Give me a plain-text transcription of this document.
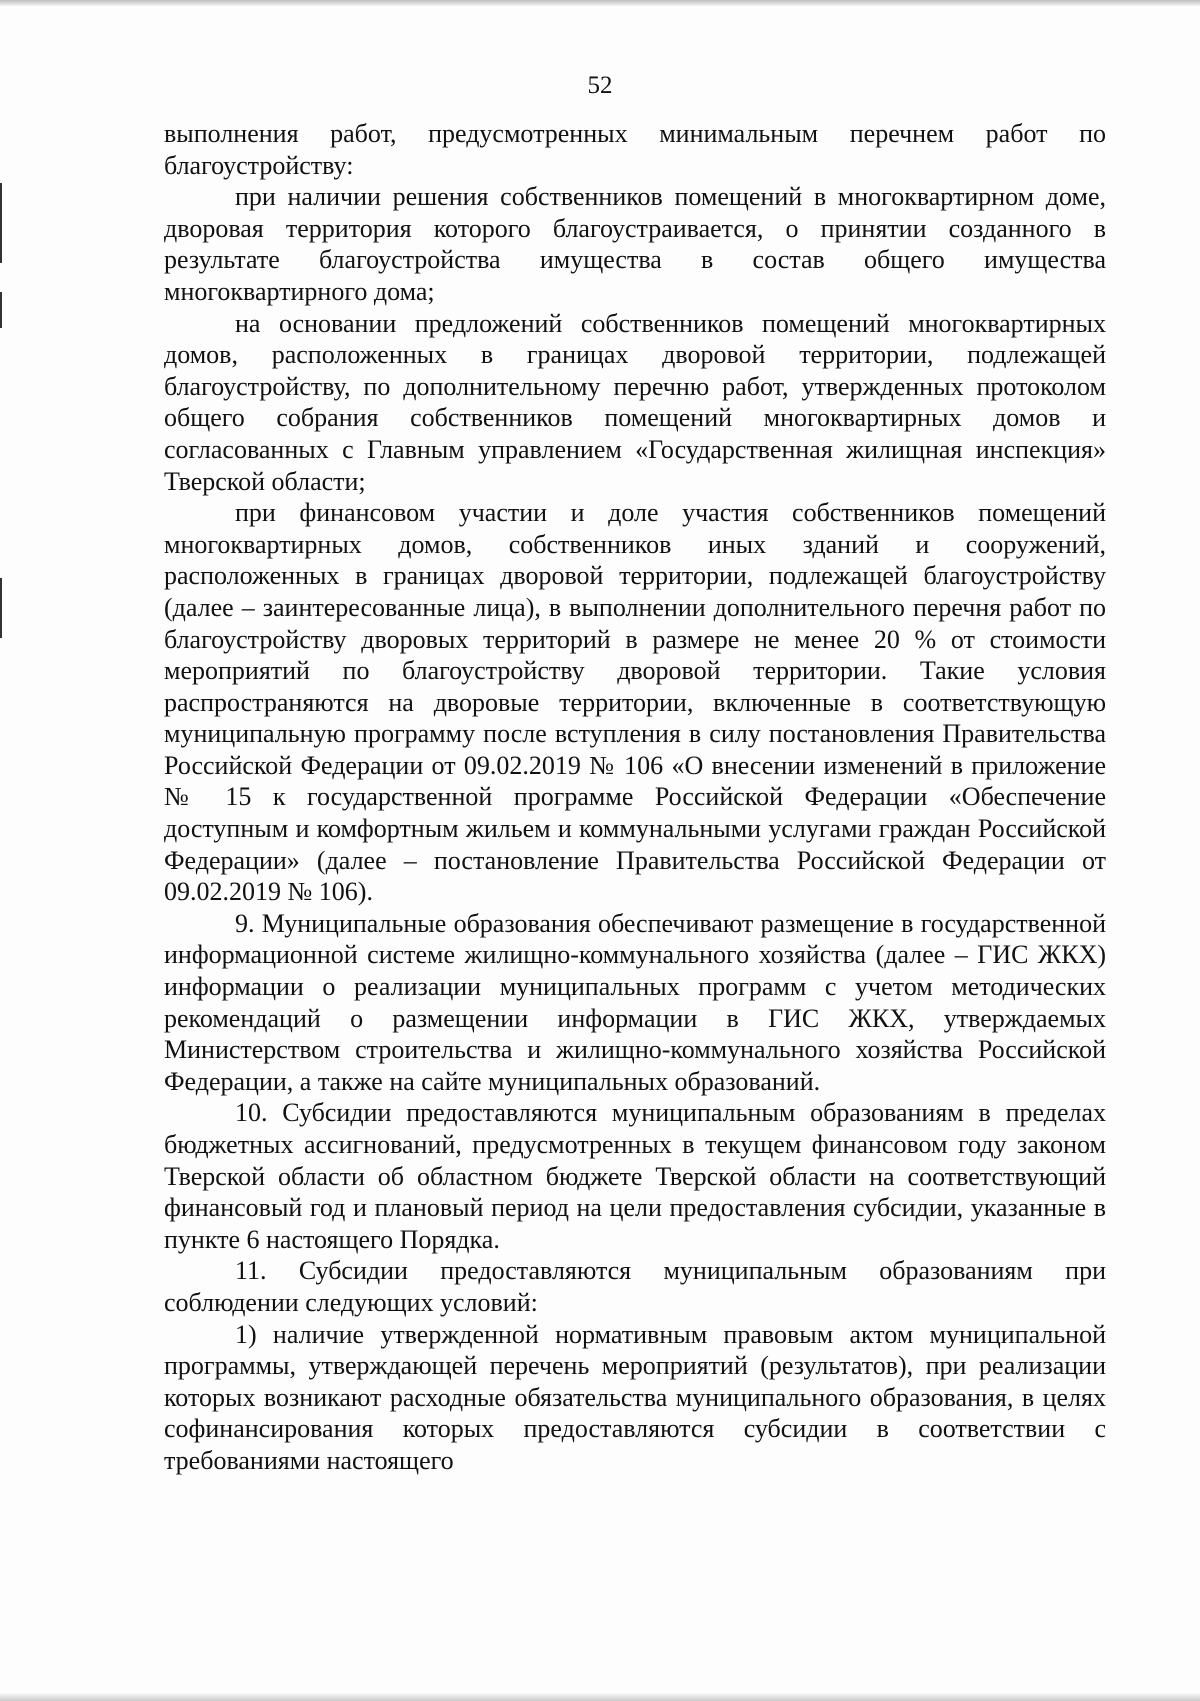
52

выполнения работ, предусмотренных минимальным перечнем работ по благоустройству:

при наличии решения собственников помещений в многоквартирном доме, дворовая территория которого благоустраивается, о принятии созданного в результате благоустройства имущества в состав общего имущества многоквартирного дома;

на основании предложений собственников помещений многоквартирных домов, расположенных в границах дворовой территории, подлежащей благоустройству, по дополнительному перечню работ, утвержденных протоколом общего собрания собственников помещений многоквартирных домов и согласованных с Главным управлением «Государственная жилищная инспекция» Тверской области;

при финансовом участии и доле участия собственников помещений многоквартирных домов, собственников иных зданий и сооружений, расположенных в границах дворовой территории, подлежащей благоустройству (далее – заинтересованные лица), в выполнении дополнительного перечня работ по благоустройству дворовых территорий в размере не менее 20 % от стоимости мероприятий по благоустройству дворовой территории. Такие условия распространяются на дворовые территории, включенные в соответствующую муниципальную программу после вступления в силу постановления Правительства Российской Федерации от 09.02.2019 № 106 «О внесении изменений в приложение № 15 к государственной программе Российской Федерации «Обеспечение доступным и комфортным жильем и коммунальными услугами граждан Российской Федерации» (далее – постановление Правительства Российской Федерации от 09.02.2019 № 106).

9. Муниципальные образования обеспечивают размещение в государственной информационной системе жилищно-коммунального хозяйства (далее – ГИС ЖКХ) информации о реализации муниципальных программ с учетом методических рекомендаций о размещении информации в ГИС ЖКХ, утверждаемых Министерством строительства и жилищно-коммунального хозяйства Российской Федерации, а также на сайте муниципальных образований.

10. Субсидии предоставляются муниципальным образованиям в пределах бюджетных ассигнований, предусмотренных в текущем финансовом году законом Тверской области об областном бюджете Тверской области на соответствующий финансовый год и плановый период на цели предоставления субсидии, указанные в пункте 6 настоящего Порядка.

11. Субсидии предоставляются муниципальным образованиям при соблюдении следующих условий:

1) наличие утвержденной нормативным правовым актом муниципальной программы, утверждающей перечень мероприятий (результатов), при реализации которых возникают расходные обязательства муниципального образования, в целях софинансирования которых предоставляются субсидии в соответствии с требованиями настоящего
